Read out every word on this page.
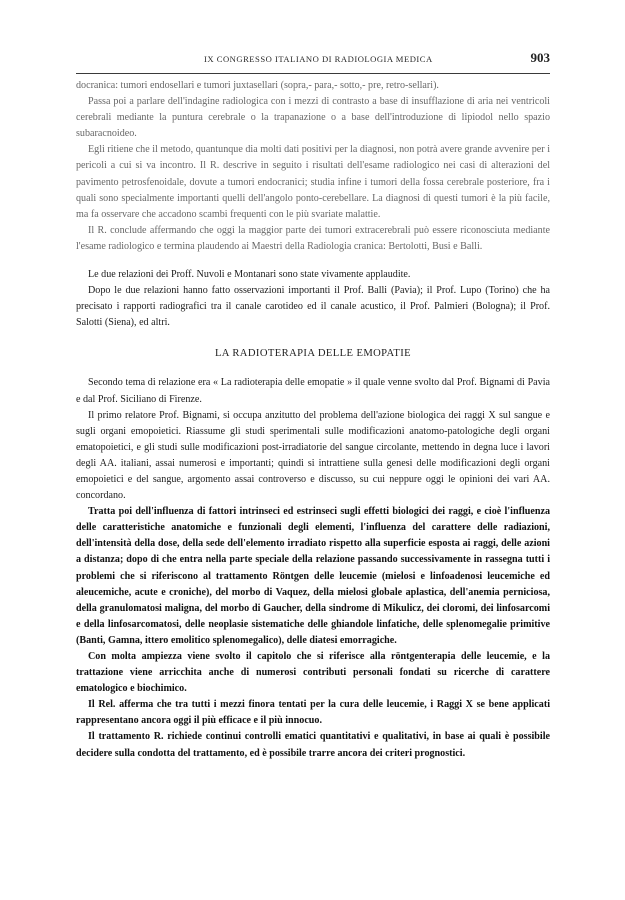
IX CONGRESSO ITALIANO DI RADIOLOGIA MEDICA	903

docranica: tumori endosellari e tumori juxtasellari (sopra,- para,- sotto,- pre, retro-sellari).

Passa poi a parlare dell'indagine radiologica con i mezzi di contrasto a base di insufflazione di aria nei ventricoli cerebrali mediante la puntura cerebrale o la trapanazione o a base dell'introduzione di lipiodol nello spazio subaracnoideo.

Egli ritiene che il metodo, quantunque dia molti dati positivi per la diagnosi, non potrà avere grande avvenire per i pericoli a cui si va incontro. Il R. descrive in seguito i risultati dell'esame radiologico nei casi di alterazioni del pavimento petrosfenoidale, dovute a tumori endocranici; studia infine i tumori della fossa cerebrale posteriore, fra i quali sono specialmente importanti quelli dell'angolo ponto-cerebellare. La diagnosi di questi tumori è la più facile, ma fa osservare che accadono scambi frequenti con le più svariate malattie.

Il R. conclude affermando che oggi la maggior parte dei tumori extracerebrali può essere riconosciuta mediante l'esame radiologico e termina plaudendo ai Maestri della Radiologia cranica: Bertolotti, Busi e Balli.

Le due relazioni dei Proff. Nuvoli e Montanari sono state vivamente applaudite.

Dopo le due relazioni hanno fatto osservazioni importanti il Prof. Balli (Pavia); il Prof. Lupo (Torino) che ha precisato i rapporti radiografici tra il canale carotideo ed il canale acustico, il Prof. Palmieri (Bologna); il Prof. Salotti (Siena), ed altri.

LA RADIOTERAPIA DELLE EMOPATIE

Secondo tema di relazione era « La radioterapia delle emopatie » il quale venne svolto dal Prof. Bignami di Pavia e dal Prof. Siciliano di Firenze.

Il primo relatore Prof. Bignami, si occupa anzitutto del problema dell'azione biologica dei raggi X sul sangue e sugli organi emopoietici. Riassume gli studi sperimentali sulle modificazioni anatomo-patologiche degli organi ematopoietici, e gli studi sulle modificazioni post-irradiatorie del sangue circolante, mettendo in degna luce i lavori degli AA. italiani, assai numerosi e importanti; quindi si intrattiene sulla genesi delle modificazioni degli organi emopoietici e del sangue, argomento assai controverso e discusso, su cui neppure oggi le opinioni dei vari AA. concordano.

Tratta poi dell'influenza di fattori intrinseci ed estrinseci sugli effetti biologici dei raggi, e cioè l'influenza delle caratteristiche anatomiche e funzionali degli elementi, l'influenza del carattere delle radiazioni, dell'intensità della dose, della sede dell'elemento irradiato rispetto alla superficie esposta ai raggi, delle azioni a distanza; dopo di che entra nella parte speciale della relazione passando successivamente in rassegna tutti i problemi che si riferiscono al trattamento Röntgen delle leucemie (mielosi e linfoadenosi leucemiche ed aleucemiche, acute e croniche), del morbo di Vaquez, della mielosi globale aplastica, dell'anemia perniciosa, della granulomatosi maligna, del morbo di Gaucher, della sindrome di Mikulicz, dei cloromi, dei linfosarcomi e della linfosarcomatosi, delle neoplasie sistematiche delle ghiandole linfatiche, delle splenomegalie primitive (Banti, Gamna, ittero emolitico splenomegalico), delle diatesi emorragiche.

Con molta ampiezza viene svolto il capitolo che si riferisce alla röntgenterapia delle leucemie, e la trattazione viene arricchita anche di numerosi contributi personali fondati su ricerche di carattere ematologico e biochimico.

Il Rel. afferma che tra tutti i mezzi finora tentati per la cura delle leucemie, i Raggi X se bene applicati rappresentano ancora oggi il più efficace e il più innocuo.

Il trattamento R. richiede continui controlli ematici quantitativi e qualitativi, in base ai quali è possibile decidere sulla condotta del trattamento, ed è possibile trarre ancora dei criteri prognostici.
